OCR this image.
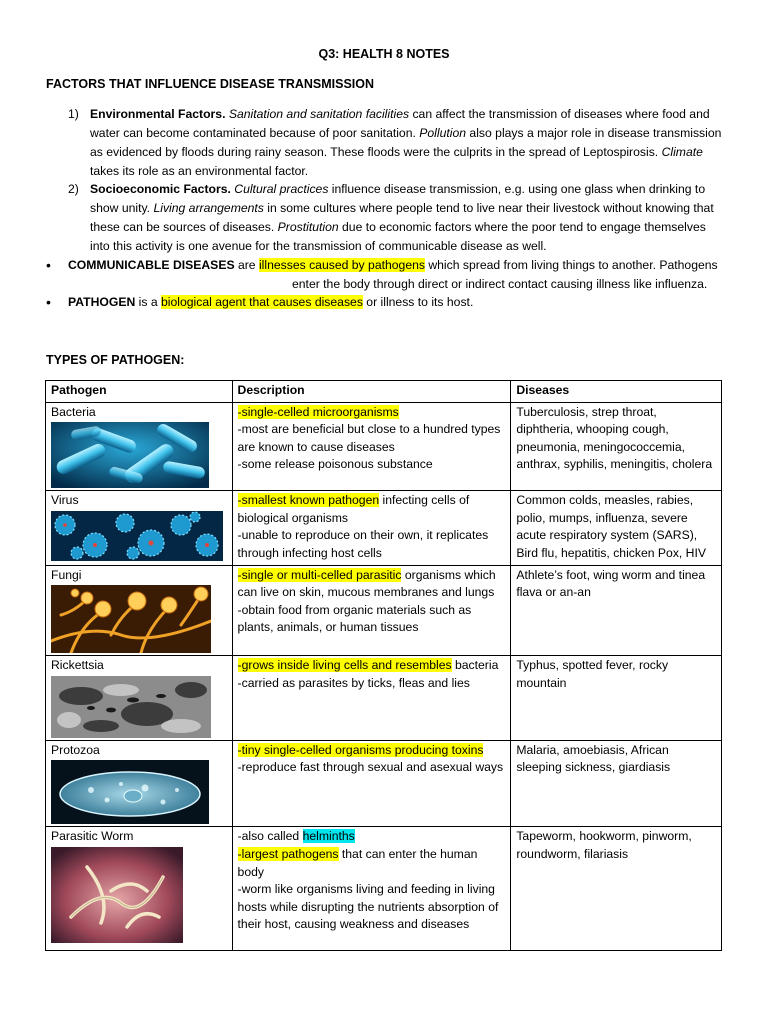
Q3: HEALTH 8 NOTES
FACTORS THAT INFLUENCE DISEASE TRANSMISSION
1) Environmental Factors. Sanitation and sanitation facilities can affect the transmission of diseases where food and water can become contaminated because of poor sanitation. Pollution also plays a major role in disease transmission as evidenced by floods during rainy season. These floods were the culprits in the spread of Leptospirosis. Climate takes its role as an environmental factor.
2) Socioeconomic Factors. Cultural practices influence disease transmission, e.g. using one glass when drinking to show unity. Living arrangements in some cultures where people tend to live near their livestock without knowing that these can be sources of diseases. Prostitution due to economic factors where the poor tend to engage themselves into this activity is one avenue for the transmission of communicable disease as well.
• COMMUNICABLE DISEASES are illnesses caused by pathogens which spread from living things to another. Pathogens
enter the body through direct or indirect contact causing illness like influenza.
• PATHOGEN is a biological agent that causes diseases or illness to its host.
TYPES OF PATHOGEN:
Pathogen	Description	Diseases

Bacteria	-single-celled microorganisms
-most are beneficial but close to a hundred types are known to cause diseases
-some release poisonous substance	Tuberculosis, strep throat, diphtheria, whooping cough, pneumonia, meningococcemia, anthrax, syphilis, meningitis, cholera

Virus	-smallest known pathogen infecting cells of biological organisms
-unable to reproduce on their own, it replicates through infecting host cells	Common colds, measles, rabies, polio, mumps, influenza, severe acute respiratory system (SARS), Bird flu, hepatitis, chicken Pox, HIV

Fungi	-single or multi-celled parasitic organisms which can live on skin, mucous membranes and lungs
-obtain food from organic materials such as plants, animals, or human tissues	Athlete’s foot, wing worm and tinea flava or an-an

Rickettsia	-grows inside living cells and resembles bacteria
-carried as parasites by ticks, fleas and lies	Typhus, spotted fever, rocky mountain

Protozoa	-tiny single-celled organisms producing toxins
-reproduce fast through sexual and asexual ways	Malaria, amoebiasis, African sleeping sickness, giardiasis

Parasitic Worm	-also called helminths
-largest pathogens that can enter the human body
-worm like organisms living and feeding in living hosts while disrupting the nutrients absorption of their host, causing weakness and diseases	Tapeworm, hookworm, pinworm, roundworm, filariasis
